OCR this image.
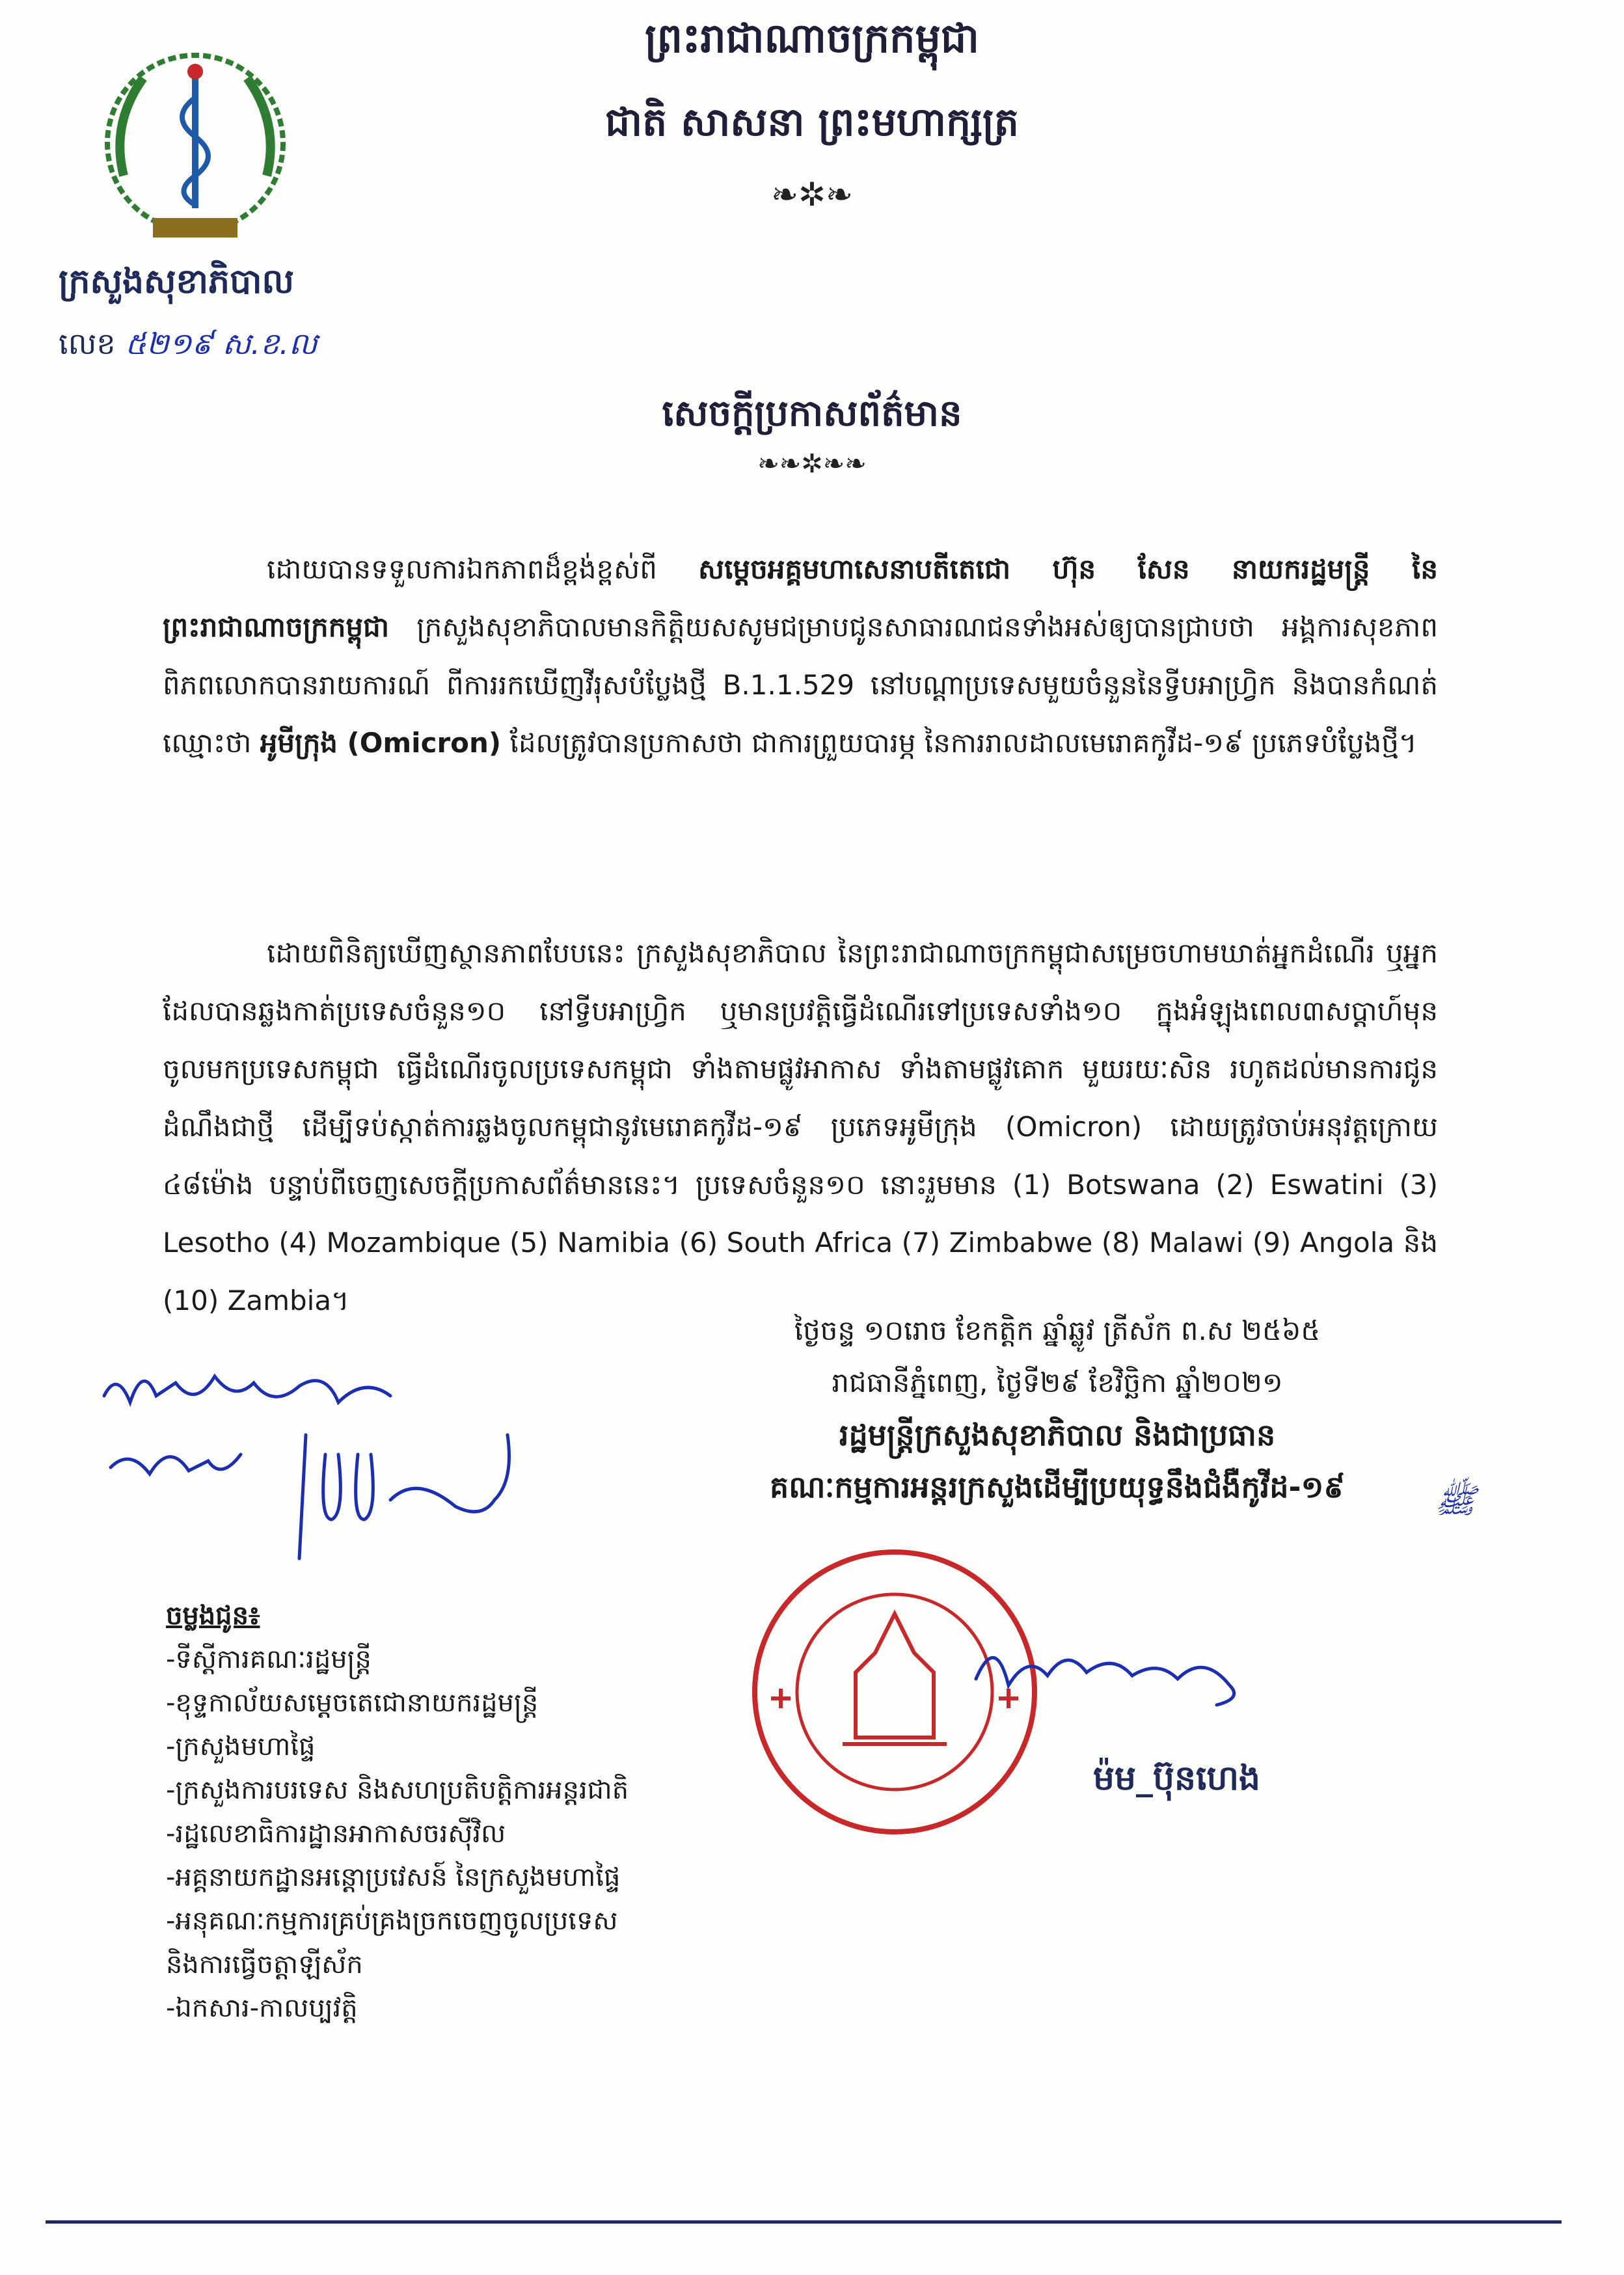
ព្រះរាជាណាចក្រកម្ពុជា
ជាតិ សាសនា ព្រះមហាក្សត្រ
❧✲❧
ក្រសួងសុខាភិបាល
លេខ ៥២១៩ ស.ខ.ល
សេចក្តីប្រកាសព័ត៌មាន
❧❧✲❧❧
ដោយបានទទួលការឯកភាពដ៏ខ្ពង់ខ្ពស់ពី សម្តេចអគ្គមហាសេនាបតីតេជោ ហ៊ុន សែន នាយករដ្ឋមន្ត្រី នៃព្រះរាជាណាចក្រកម្ពុជា ក្រសួងសុខាភិបាលមានកិត្តិយសសូមជម្រាបជូនសាធារណជនទាំងអស់ឲ្យបានជ្រាបថា អង្គការសុខភាពពិភពលោកបានរាយការណ៍ ពីការរកឃើញវីរុសបំប្លែងថ្មី B.1.1.529 នៅបណ្តាប្រទេសមួយចំនួននៃទ្វីបអាហ្វ្រិក និងបានកំណត់ឈ្មោះថា អូមីក្រុង (Omicron) ដែលត្រូវបានប្រកាសថា ជាការព្រួយបារម្ភ នៃការរាលដាលមេរោគកូវីដ-១៩ ប្រភេទបំប្លែងថ្មី។
ដោយពិនិត្យឃើញស្ថានភាពបែបនេះ ក្រសួងសុខាភិបាល នៃព្រះរាជាណាចក្រកម្ពុជាសម្រេចហាមឃាត់អ្នកដំណើរ ឬអ្នកដែលបានឆ្លងកាត់ប្រទេសចំនួន១០ នៅទ្វីបអាហ្វ្រិក ឬមានប្រវត្តិធ្វើដំណើរទៅប្រទេសទាំង១០ ក្នុងអំឡុងពេល៣សប្តាហ៍មុនចូលមកប្រទេសកម្ពុជា ធ្វើដំណើរចូលប្រទេសកម្ពុជា ទាំងតាមផ្លូវអាកាស ទាំងតាមផ្លូវគោក មួយរយៈសិន រហូតដល់មានការជូនដំណឹងជាថ្មី ដើម្បីទប់ស្កាត់ការឆ្លងចូលកម្ពុជានូវមេរោគកូវីដ-១៩ ប្រភេទអូមីក្រុង (Omicron) ដោយត្រូវចាប់អនុវត្តក្រោយ ៤៨ម៉ោង បន្ទាប់ពីចេញសេចក្តីប្រកាសព័ត៌មាននេះ។ ប្រទេសចំនួន១០ នោះរួមមាន (1) Botswana (2) Eswatini (3) Lesotho (4) Mozambique (5) Namibia (6) South Africa (7) Zimbabwe (8) Malawi (9) Angola និង (10) Zambia។
ថ្ងៃចន្ទ ១០រោច ខែកត្តិក ឆ្នាំឆ្លូវ ត្រីស័ក ព.ស ២៥៦៥
រាជធានីភ្នំពេញ, ថ្ងៃទី២៩ ខែវិច្ឆិកា ឆ្នាំ២០២១
រដ្ឋមន្ត្រីក្រសួងសុខាភិបាល និងជាប្រធាន
គណៈកម្មការអន្តរក្រសួងដើម្បីប្រយុទ្ធនឹងជំងឺកូវីដ-១៩	ﷺ
ម៉ម_ប៊ុនហេង
ចម្លងជូន៖
-ទីស្តីការគណៈរដ្ឋមន្ត្រី
-ខុទ្ទកាល័យសម្តេចតេជោនាយករដ្ឋមន្ត្រី
-ក្រសួងមហាផ្ទៃ
-ក្រសួងការបរទេស និងសហប្រតិបត្តិការអន្តរជាតិ
-រដ្ឋលេខាធិការដ្ឋានអាកាសចរស៊ីវិល
-អគ្គនាយកដ្ឋានអន្តោប្រវេសន៍ នៃក្រសួងមហាផ្ទៃ
-អនុគណៈកម្មការគ្រប់គ្រងច្រកចេញចូលប្រទេស
និងការធ្វើចត្តាឡីស័ក
-ឯកសារ-កាលប្បវត្តិ
